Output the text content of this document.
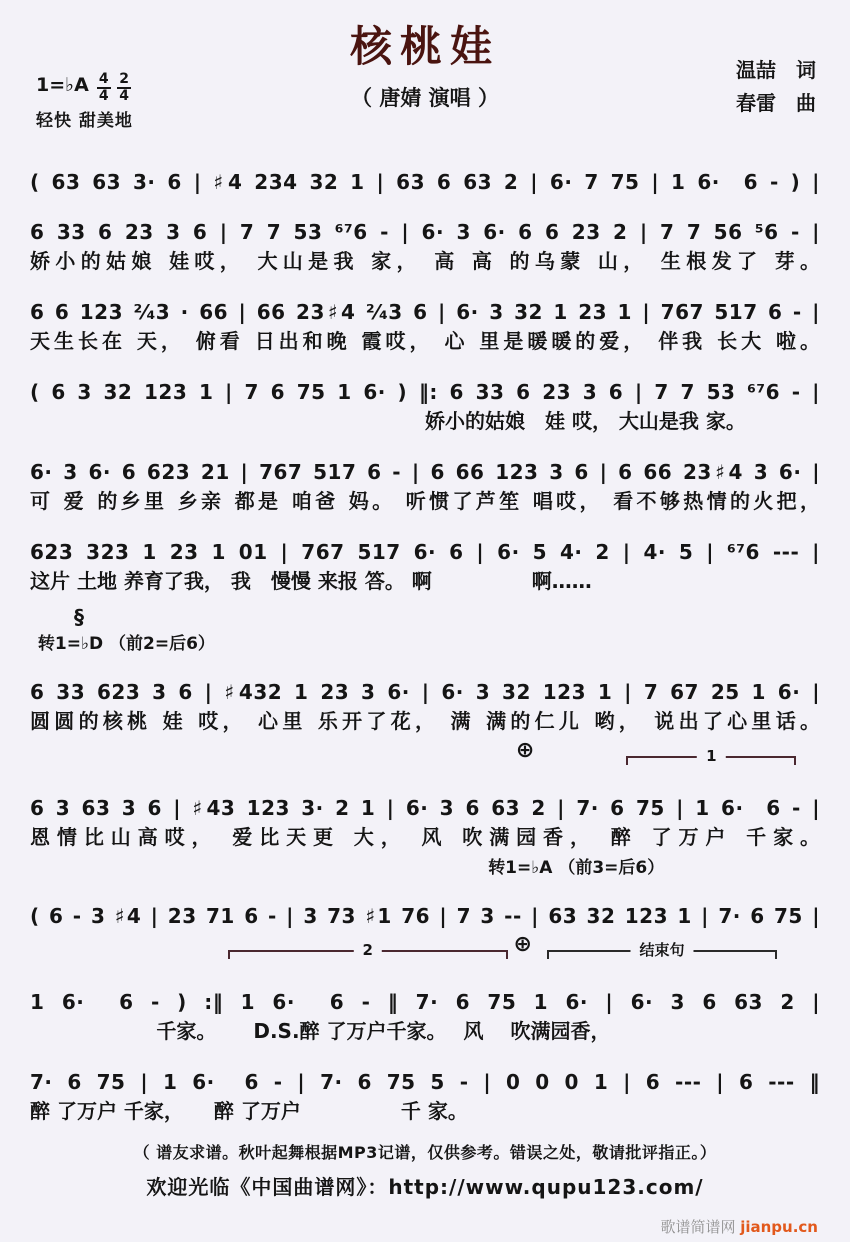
核桃娃
（ 唐婧 演唱 ）
1=♭A $\frac{4}{4}$
$\frac{2}{4}$
轻快 甜美地
温喆　词
春雷　曲
( 63 63 3· 6 | ♯4 234 32 1 | 63 6 63 2 | 6· 7 75 | 1 6·  6 - ) |
6 33 6 23 3 6 | 7 7 53 ⁶⁷6 - | 6· 3 6· 6 6 23 2 | 7 7 56 ⁵6 - |
娇小的姑娘 娃哎， 大山是我 家， 高 高 的乌蒙 山， 生根发了 芽。
6 6 123 ²⁄₄3 · 66 | 66 23♯4 ²⁄₄3 6 | 6· 3 32 1 23 1 | 767 517 6 - |
天生长在 天， 俯看 日出和晚 霞哎， 心 里是暖暖的爱， 伴我 长大 啦。
( 6 3 32 123 1 | 7 6 75 1 6· ) ‖: 6 33 6 23 3 6 | 7 7 53 ⁶⁷6 - |
娇小的姑娘　娃 哎， 大山是我 家。
6· 3 6· 6 623 21 | 767 517 6 - | 6 66 123 3 6 | 6 66 23♯4 3 6· |
可 爱 的乡里 乡亲 都是 咱爸 妈。 听惯了芦笙 唱哎， 看不够热情的火把，
623 323 1 23 1 01 | 767 517 6· 6 | 6· 5 4· 2 | 4· 5 | ⁶⁷6 --- |
这片 土地 养育了我， 我　慢慢 来报 答。 啊　　　　　啊……
§
转1=♭D （前2=后6）
6 33 623 3 6 | ♯432 1 23 3 6· | 6· 3 32 123 1 | 7 67 25 1 6· |
圆圆的核桃 娃 哎， 心里 乐开了花， 满 满的仁儿 哟， 说出了心里话。
1
⊕
6 3 63 3 6 | ♯43 123 3· 2 1 | 6· 3 6 63 2 | 7· 6 75 | 1 6·  6 - |
恩情比山高哎， 爱比天更 大， 风 吹满园香， 醉 了万户 千家。
转1=♭A （前3=后6）
( 6 - 3 ♯4 | 23 71 6 - | 3 73 ♯1 76 | 7 3 -- | 63 32 123 1 | 7· 6 75 |
2	结束句
⊕
1 6·  6 - ) :‖ 1 6·  6 - ‖ 7· 6 75 1 6· | 6· 3 6 63 2 |
千家。　　 D.S.醉 了万户千家。　 风　 吹满园香，
7· 6 75 | 1 6·  6 - | 7· 6 75 5 - | 0 0 0 1 | 6 --- | 6 --- ‖
醉 了万户 千家，　　醉 了万户　　　　　千 家。
（ 谱友求谱。秋叶起舞根据MP3记谱，仅供参考。错误之处，敬请批评指正。）
欢迎光临《中国曲谱网》：http://www.qupu123.com/
歌谱简谱网 jianpu.cn
